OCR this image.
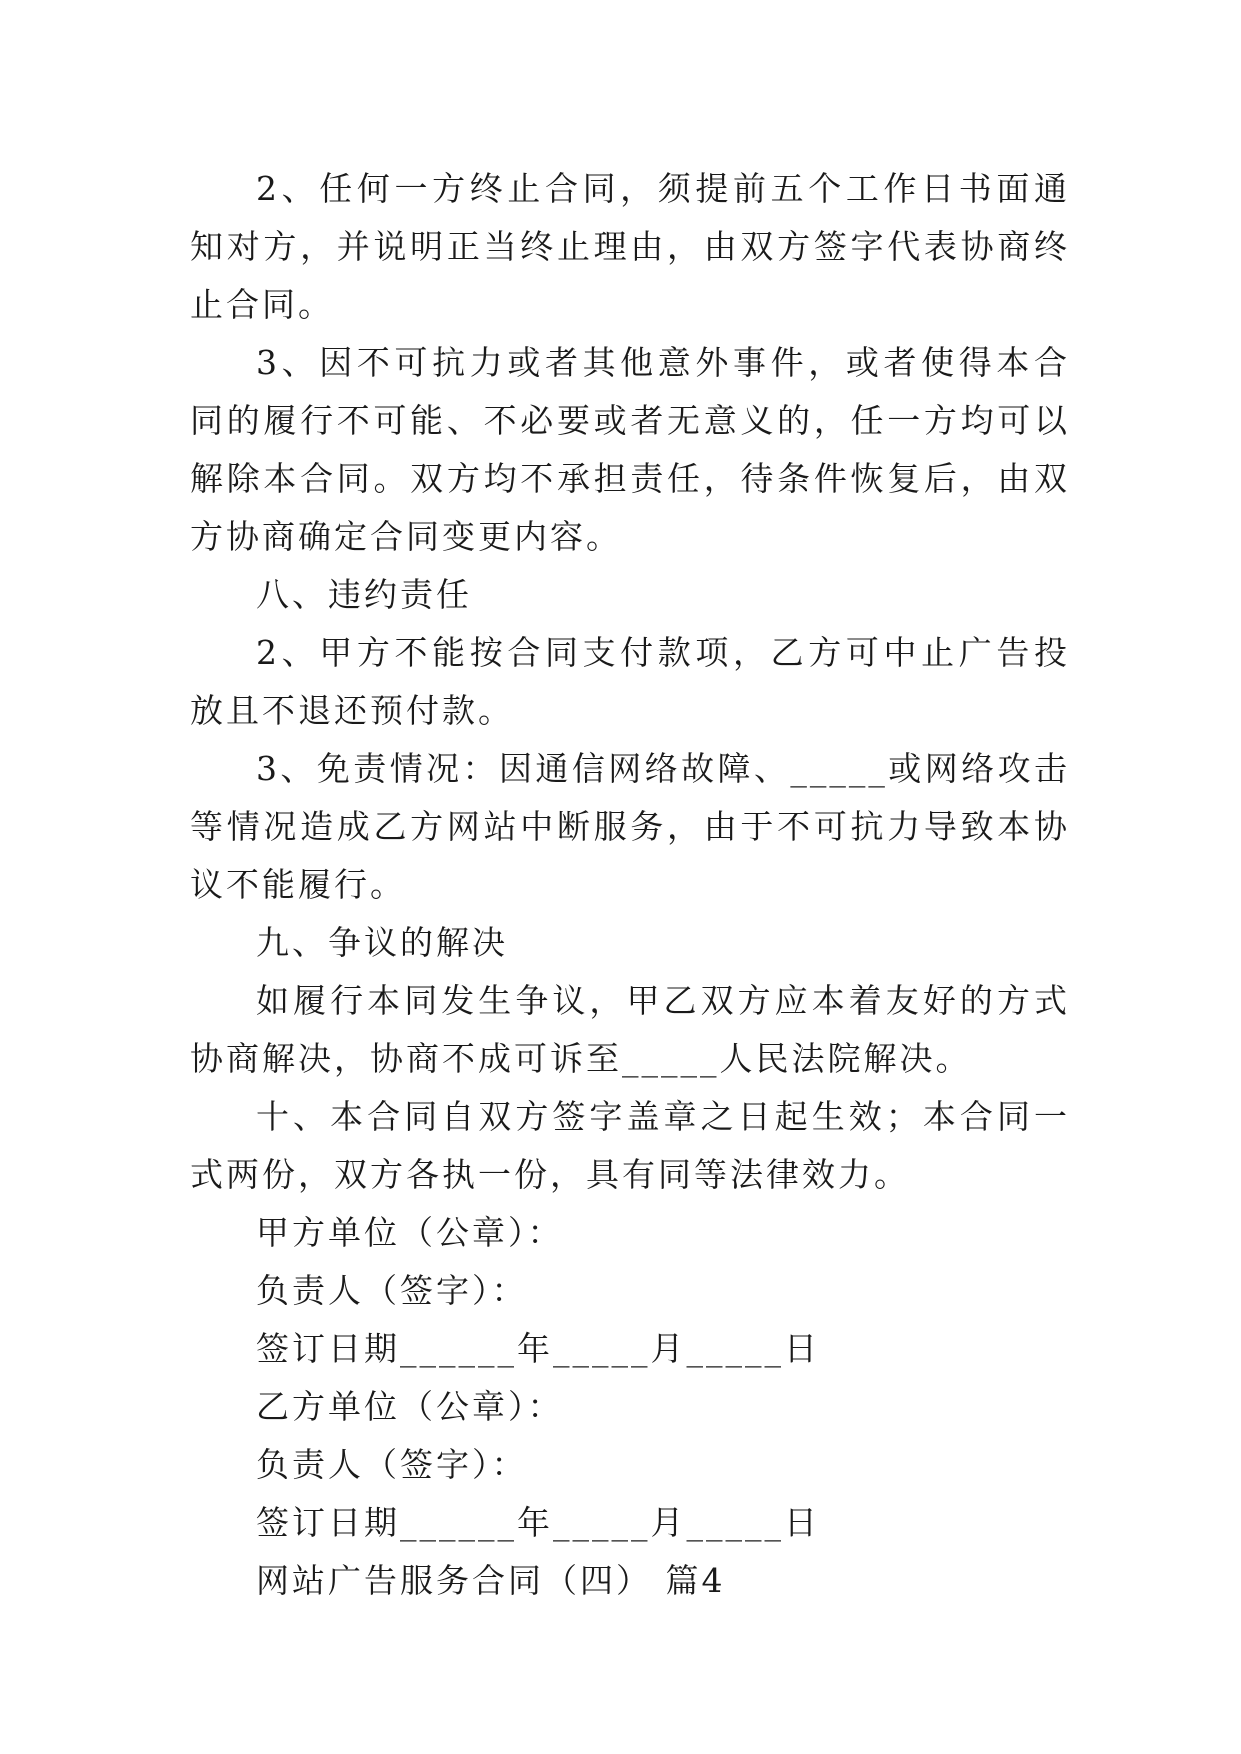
2、任何一方终止合同，须提前五个工作日书面通知对方，并说明正当终止理由，由双方签字代表协商终止合同。

3、因不可抗力或者其他意外事件，或者使得本合同的履行不可能、不必要或者无意义的，任一方均可以解除本合同。双方均不承担责任，待条件恢复后，由双方协商确定合同变更内容。

八、违约责任

2、甲方不能按合同支付款项，乙方可中止广告投放且不退还预付款。

3、免责情况：因通信网络故障、_____或网络攻击等情况造成乙方网站中断服务，由于不可抗力导致本协议不能履行。

九、争议的解决

如履行本同发生争议，甲乙双方应本着友好的方式协商解决，协商不成可诉至_____人民法院解决。

十、本合同自双方签字盖章之日起生效；本合同一式两份，双方各执一份，具有同等法律效力。

甲方单位（公章）：

负责人（签字）：

签订日期______年_____月_____日

乙方单位（公章）：

负责人（签字）：

签订日期______年_____月_____日

网站广告服务合同（四） 篇4
